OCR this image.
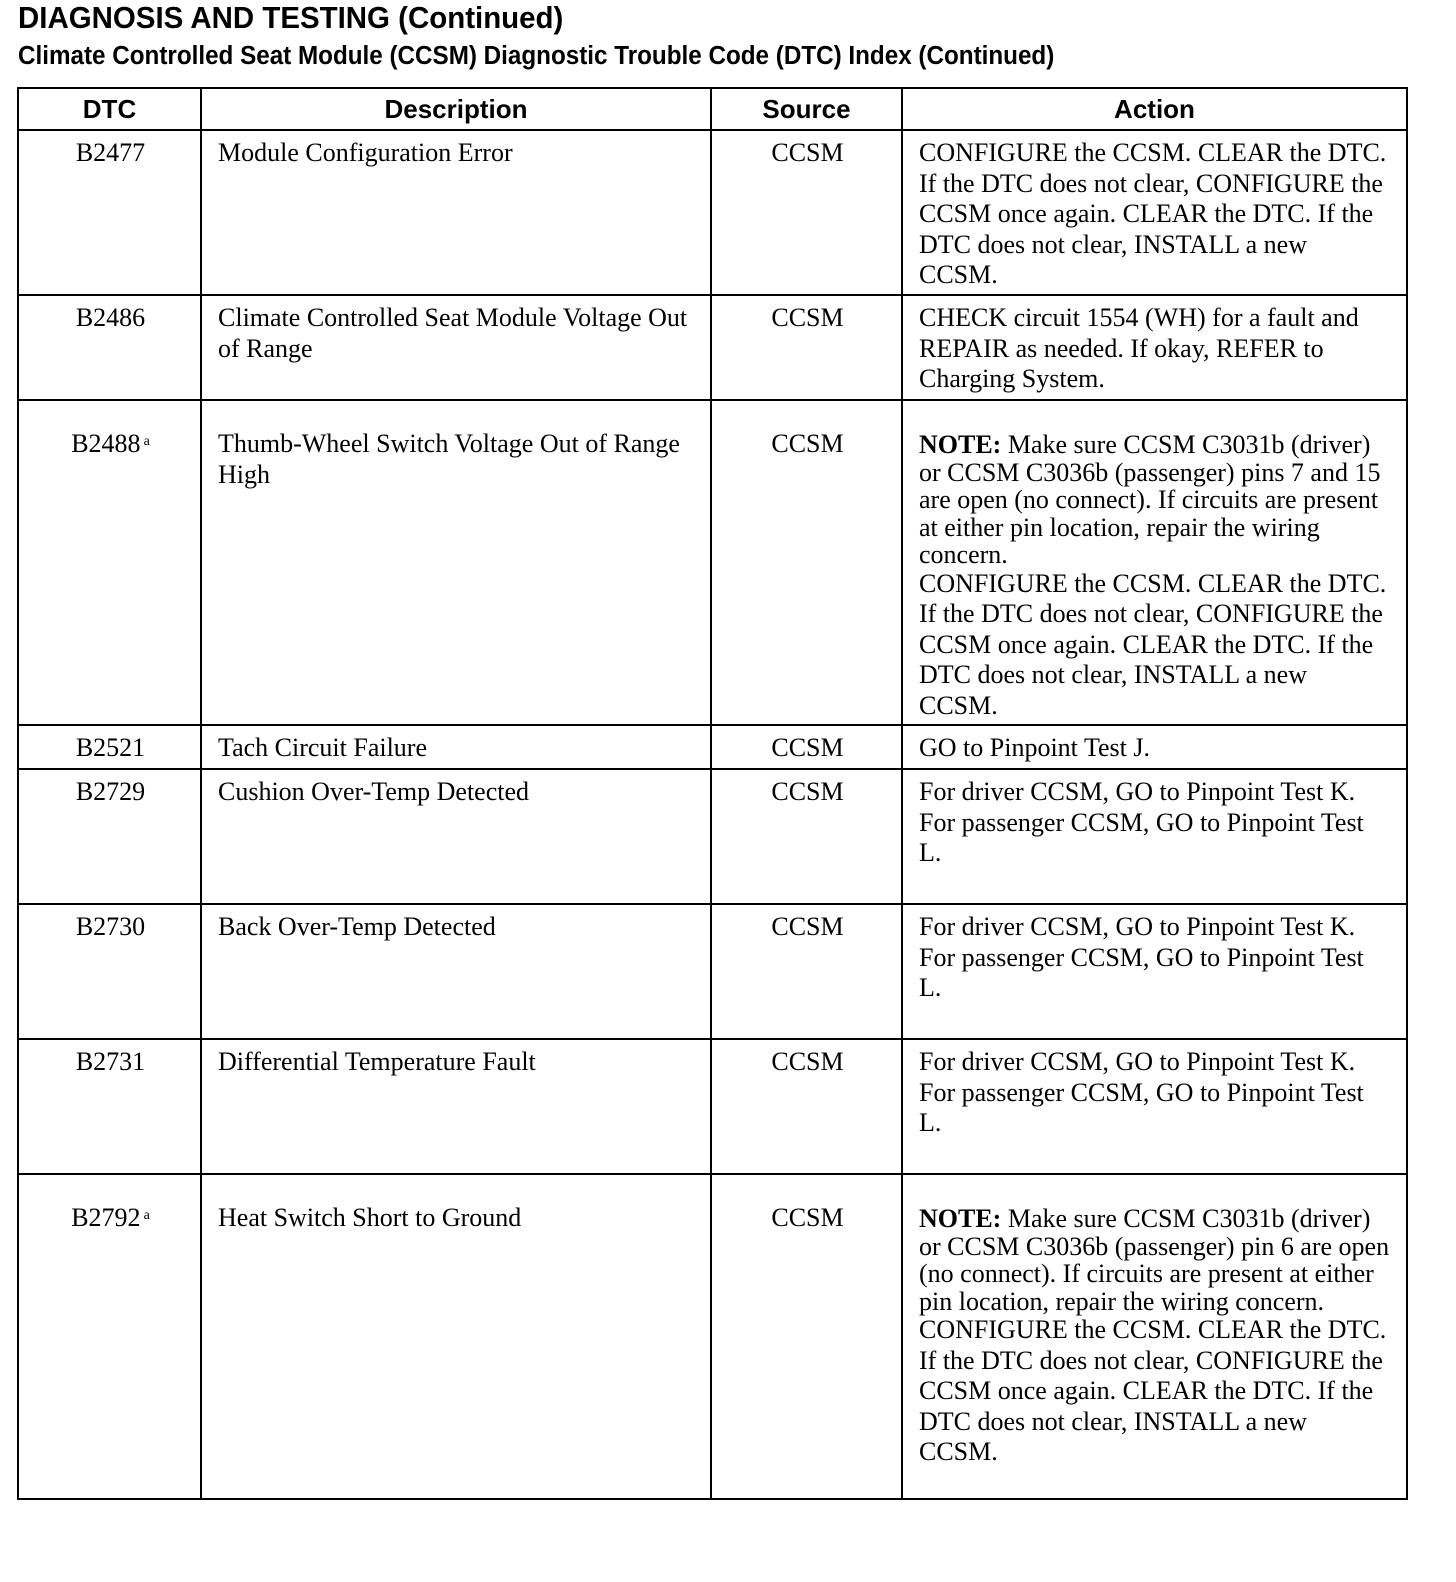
DIAGNOSIS AND TESTING (Continued)
Climate Controlled Seat Module (CCSM) Diagnostic Trouble Code (DTC) Index (Continued)
DTC	Description	Source	Action
B2477	Module Configuration Error	CCSM	CONFIGURE the CCSM. CLEAR the DTC. If the DTC does not clear, CONFIGURE the CCSM once again. CLEAR the DTC. If the DTC does not clear, INSTALL a new CCSM.

B2486	Climate Controlled Seat Module Voltage Out of Range	CCSM	CHECK circuit 1554 (WH) for a fault and REPAIR as needed. If okay, REFER to Charging System.

B2488 $^a$	Thumb-Wheel Switch Voltage Out of Range High	CCSM	NOTE: Make sure CCSM C3031b (driver) or CCSM C3036b (passenger) pins 7 and 15 are open (no connect). If circuits are present at either pin location, repair the wiring concern.
CONFIGURE the CCSM. CLEAR the DTC. If the DTC does not clear, CONFIGURE the CCSM once again. CLEAR the DTC. If the DTC does not clear, INSTALL a new CCSM.

B2521	Tach Circuit Failure	CCSM	GO to Pinpoint Test J.

B2729	Cushion Over-Temp Detected	CCSM	For driver CCSM, GO to Pinpoint Test K.
For passenger CCSM, GO to Pinpoint Test L.

B2730	Back Over-Temp Detected	CCSM	For driver CCSM, GO to Pinpoint Test K.
For passenger CCSM, GO to Pinpoint Test L.

B2731	Differential Temperature Fault	CCSM	For driver CCSM, GO to Pinpoint Test K.
For passenger CCSM, GO to Pinpoint Test L.

B2792 $^a$	Heat Switch Short to Ground	CCSM	NOTE: Make sure CCSM C3031b (driver) or CCSM C3036b (passenger) pin 6 are open (no connect). If circuits are present at either pin location, repair the wiring concern.
CONFIGURE the CCSM. CLEAR the DTC. If the DTC does not clear, CONFIGURE the CCSM once again. CLEAR the DTC. If the DTC does not clear, INSTALL a new CCSM.
